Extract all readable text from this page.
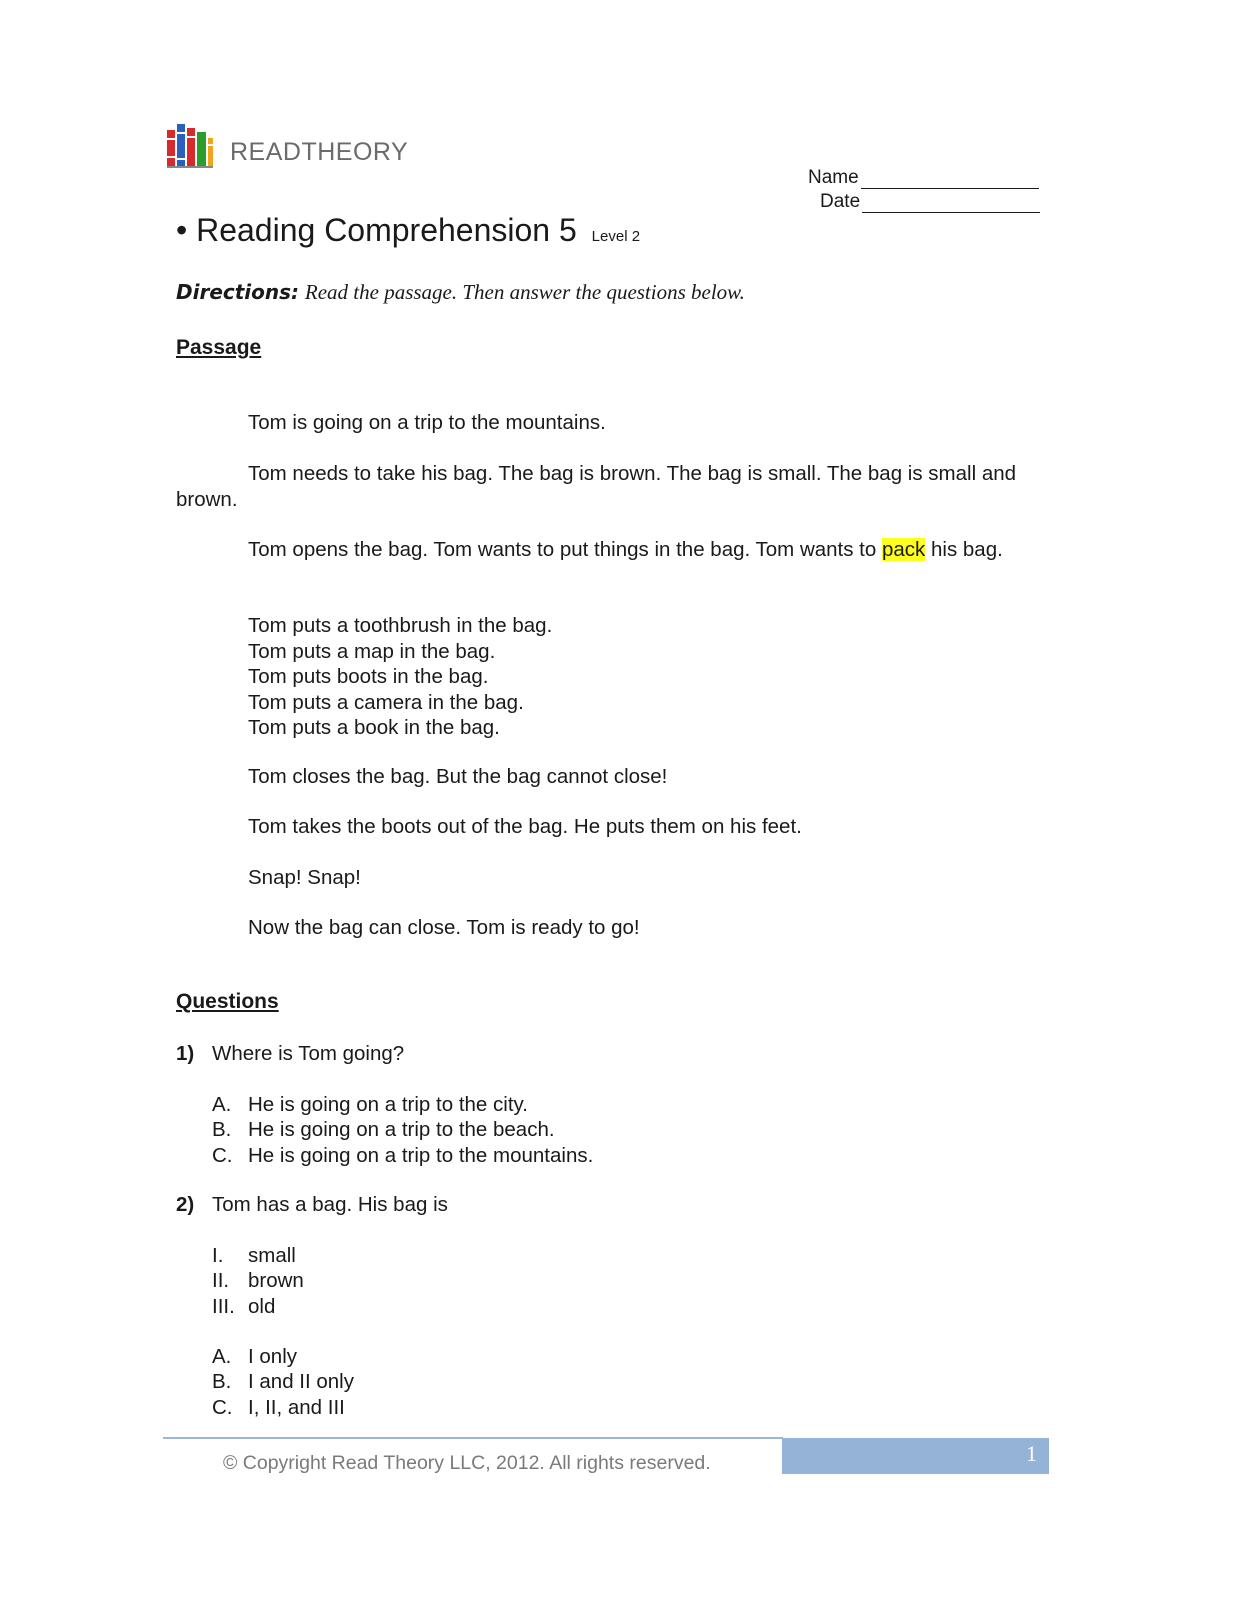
READTHEORY
Name
Date
• Reading Comprehension 5 Level 2
Directions: Read the passage. Then answer the questions below.
Passage
Tom is going on a trip to the mountains.
Tom needs to take his bag. The bag is brown. The bag is small. The bag is small and brown.
Tom opens the bag. Tom wants to put things in the bag. Tom wants to pack his bag.
Tom puts a toothbrush in the bag.
Tom puts a map in the bag.
Tom puts boots in the bag.
Tom puts a camera in the bag.
Tom puts a book in the bag.
Tom closes the bag. But the bag cannot close!
Tom takes the boots out of the bag. He puts them on his feet.
Snap! Snap!
Now the bag can close. Tom is ready to go!
Questions
1) Where is Tom going?
A. He is going on a trip to the city.
B. He is going on a trip to the beach.
C. He is going on a trip to the mountains.
2) Tom has a bag. His bag is
I. small
II. brown
III. old
A. I only
B. I and II only
C. I, II, and III
© Copyright Read Theory LLC, 2012. All rights reserved.	1
